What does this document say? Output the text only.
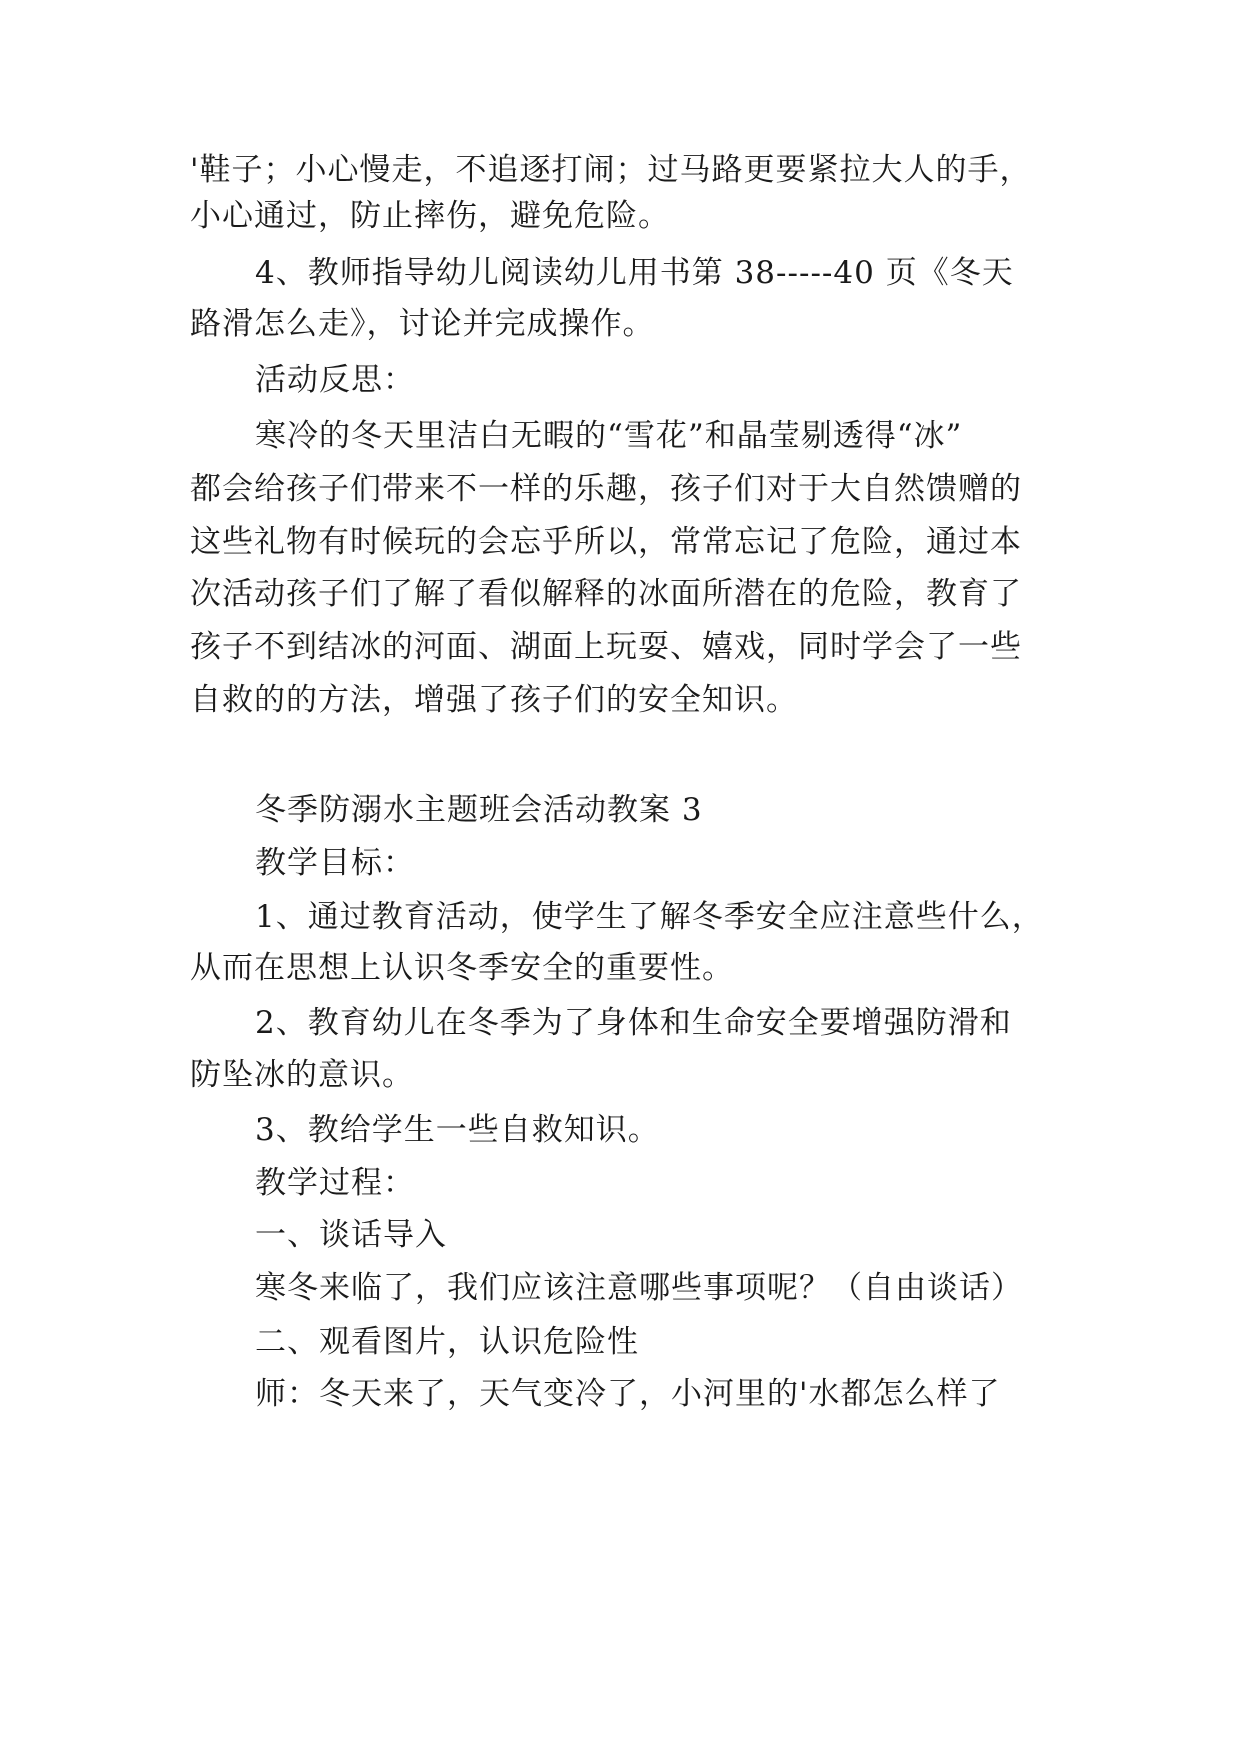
'鞋子；小心慢走，不追逐打闹；过马路更要紧拉大人的手，
小心通过，防止摔伤，避免危险。
4、教师指导幼儿阅读幼儿用书第 38-----40 页《冬天
路滑怎么走》，讨论并完成操作。
活动反思：
寒冷的冬天里洁白无暇的“雪花”和晶莹剔透得“冰”
都会给孩子们带来不一样的乐趣，孩子们对于大自然馈赠的
这些礼物有时候玩的会忘乎所以，常常忘记了危险，通过本
次活动孩子们了解了看似解释的冰面所潜在的危险，教育了
孩子不到结冰的河面、湖面上玩耍、嬉戏，同时学会了一些
自救的的方法，增强了孩子们的安全知识。
冬季防溺水主题班会活动教案 3
教学目标：
1、通过教育活动，使学生了解冬季安全应注意些什么，
从而在思想上认识冬季安全的重要性。
2、教育幼儿在冬季为了身体和生命安全要增强防滑和
防坠冰的意识。
3、教给学生一些自救知识。
教学过程：
一、谈话导入
寒冬来临了，我们应该注意哪些事项呢？（自由谈话）
二、观看图片，认识危险性
师：冬天来了，天气变冷了，小河里的'水都怎么样了
